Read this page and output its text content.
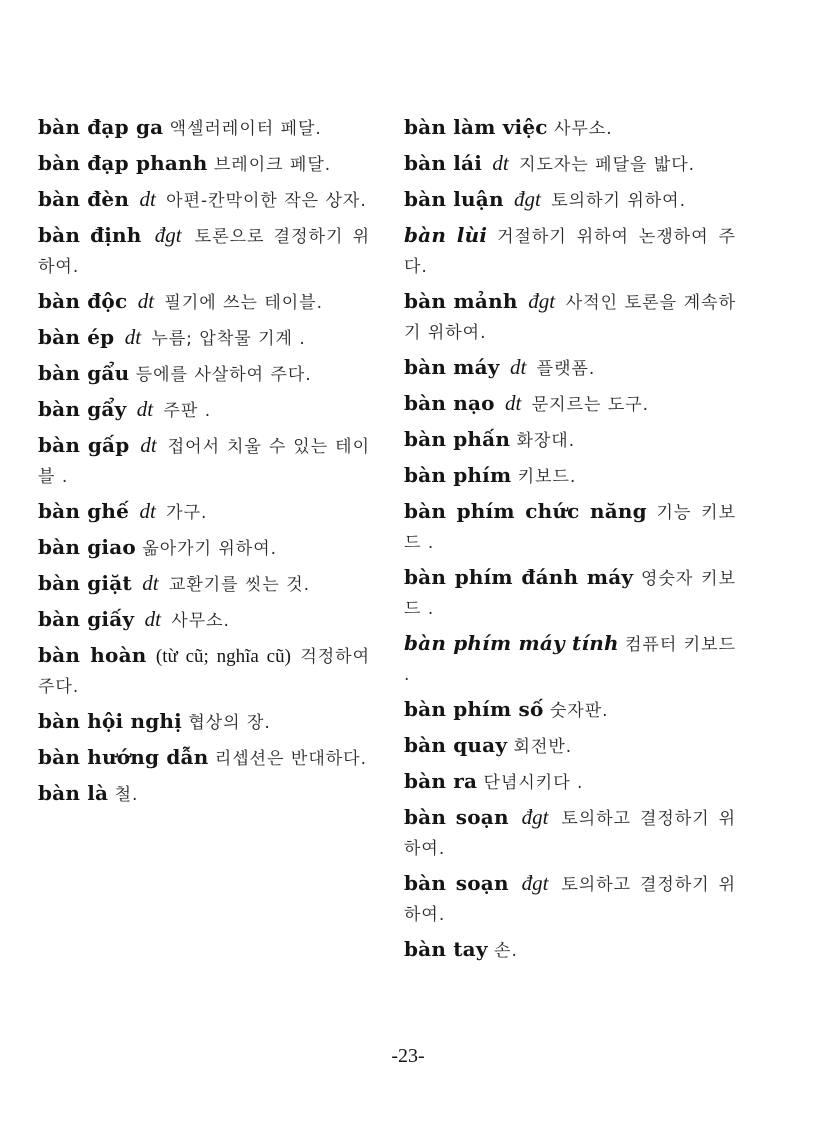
bàn đạp ga 액셀러레이터 페달.
bàn đạp phanh 브레이크 페달.
bàn đèn dt 아편-칸막이한 작은 상자.
bàn định đgt 토론으로 결정하기 위하여.
bàn độc dt 필기에 쓰는 테이블.
bàn ép dt 누름; 압착물 기계 .
bàn gẩu 등에를 사살하여 주다.
bàn gẩy dt 주판 .
bàn gấp dt 접어서 치울 수 있는 테이블 .
bàn ghế dt 가구.
bàn giao 옮아가기 위하여.
bàn giặt dt 교환기를 씻는 것.
bàn giấy dt 사무소.
bàn hoàn (từ cũ; nghĩa cũ) 걱정하여 주다.
bàn hội nghị 협상의 장.
bàn hướng dẫn 리셉션은 반대하다.
bàn là 철.
bàn làm việc 사무소.
bàn lái dt 지도자는 페달을 밟다.
bàn luận đgt 토의하기 위하여.
bàn lùi 거절하기 위하여 논쟁하여 주다.
bàn mảnh đgt 사적인 토론을 계속하기 위하여.
bàn máy dt 플랫폼.
bàn nạo dt 문지르는 도구.
bàn phấn 화장대.
bàn phím 키보드.
bàn phím chức năng 기능 키보드 .
bàn phím đánh máy 영숫자 키보드 .
bàn phím máy tính 컴퓨터 키보드 .
bàn phím số 숫자판.
bàn quay 회전반.
bàn ra 단념시키다 .
bàn soạn đgt 토의하고 결정하기 위하여.
bàn soạn đgt 토의하고 결정하기 위하여.
bàn tay 손.
-23-
